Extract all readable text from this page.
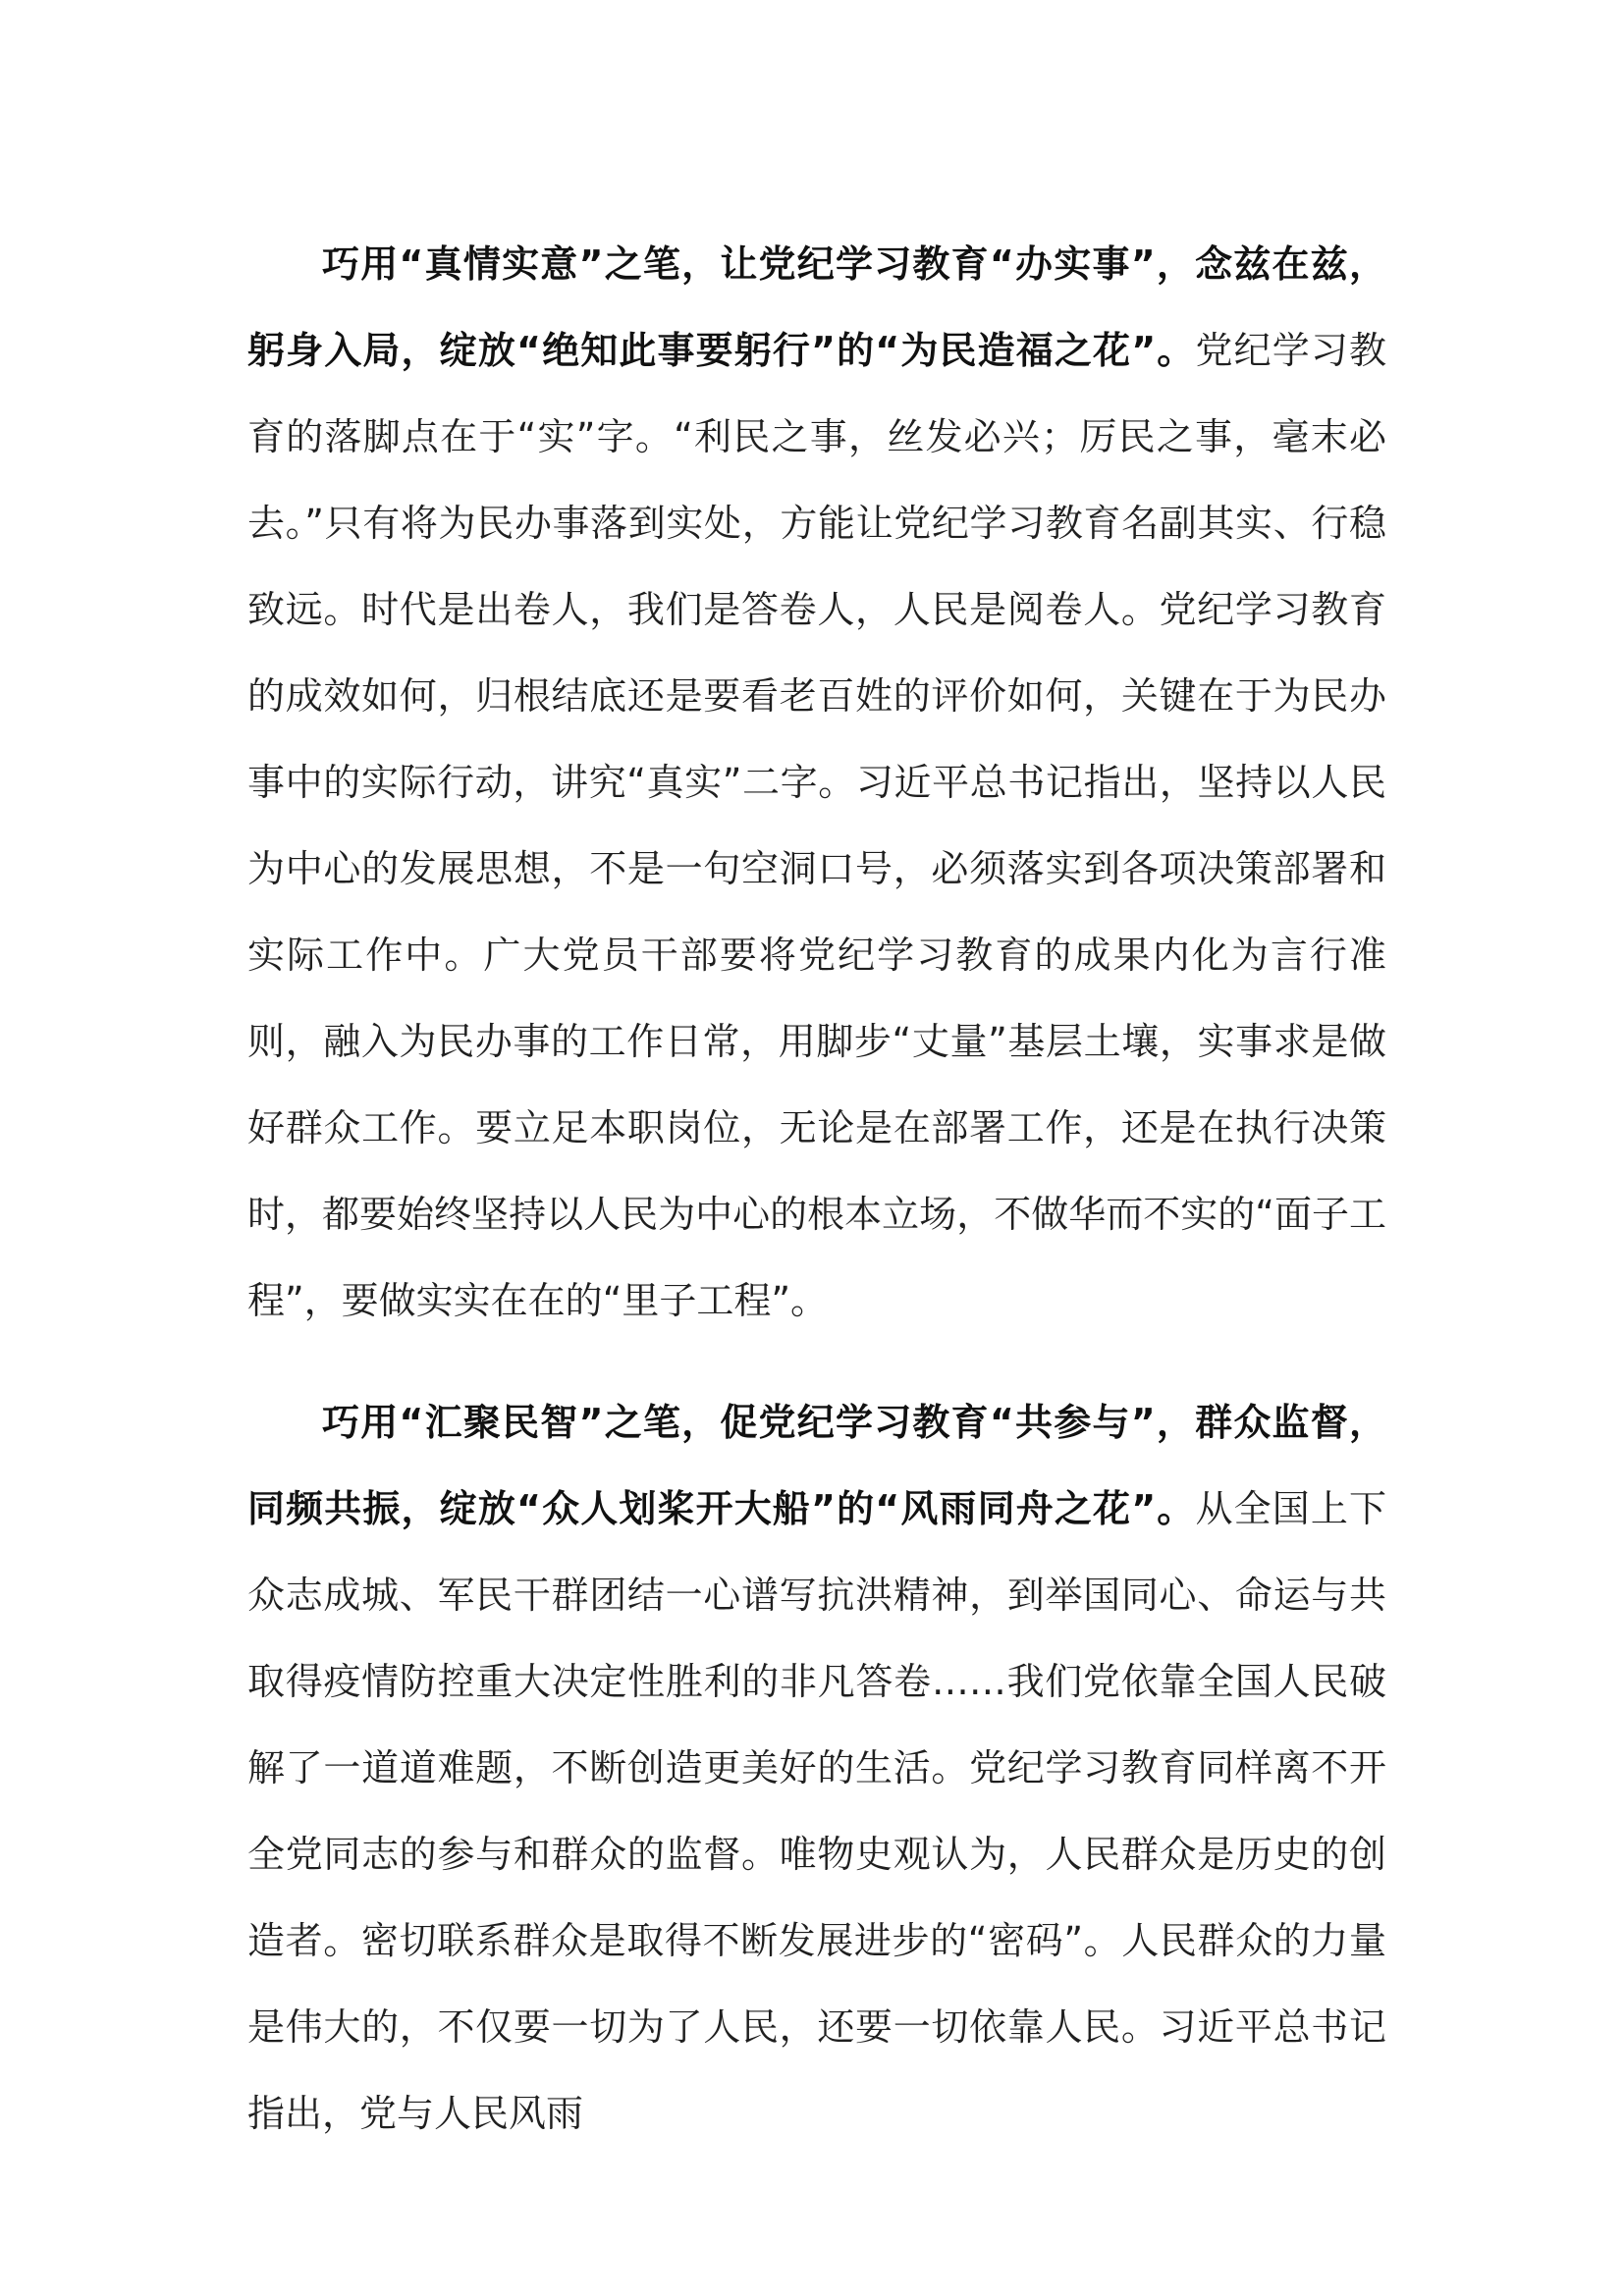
巧用“真情实意”之笔，让党纪学习教育“办实事”，念兹在兹，躬身入局，绽放“绝知此事要躬行”的“为民造福之花”。党纪学习教育的落脚点在于“实”字。“利民之事，丝发必兴；厉民之事，毫末必去。”只有将为民办事落到实处，方能让党纪学习教育名副其实、行稳致远。时代是出卷人，我们是答卷人，人民是阅卷人。党纪学习教育的成效如何，归根结底还是要看老百姓的评价如何，关键在于为民办事中的实际行动，讲究“真实”二字。习近平总书记指出，坚持以人民为中心的发展思想，不是一句空洞口号，必须落实到各项决策部署和实际工作中。广大党员干部要将党纪学习教育的成果内化为言行准则，融入为民办事的工作日常，用脚步“丈量”基层土壤，实事求是做好群众工作。要立足本职岗位，无论是在部署工作，还是在执行决策时，都要始终坚持以人民为中心的根本立场，不做华而不实的“面子工程”，要做实实在在的“里子工程”。

巧用“汇聚民智”之笔，促党纪学习教育“共参与”，群众监督，同频共振，绽放“众人划桨开大船”的“风雨同舟之花”。从全国上下众志成城、军民干群团结一心谱写抗洪精神，到举国同心、命运与共取得疫情防控重大决定性胜利的非凡答卷……我们党依靠全国人民破解了一道道难题，不断创造更美好的生活。党纪学习教育同样离不开全党同志的参与和群众的监督。唯物史观认为，人民群众是历史的创造者。密切联系群众是取得不断发展进步的“密码”。人民群众的力量是伟大的，不仅要一切为了人民，还要一切依靠人民。习近平总书记指出，党与人民风雨
